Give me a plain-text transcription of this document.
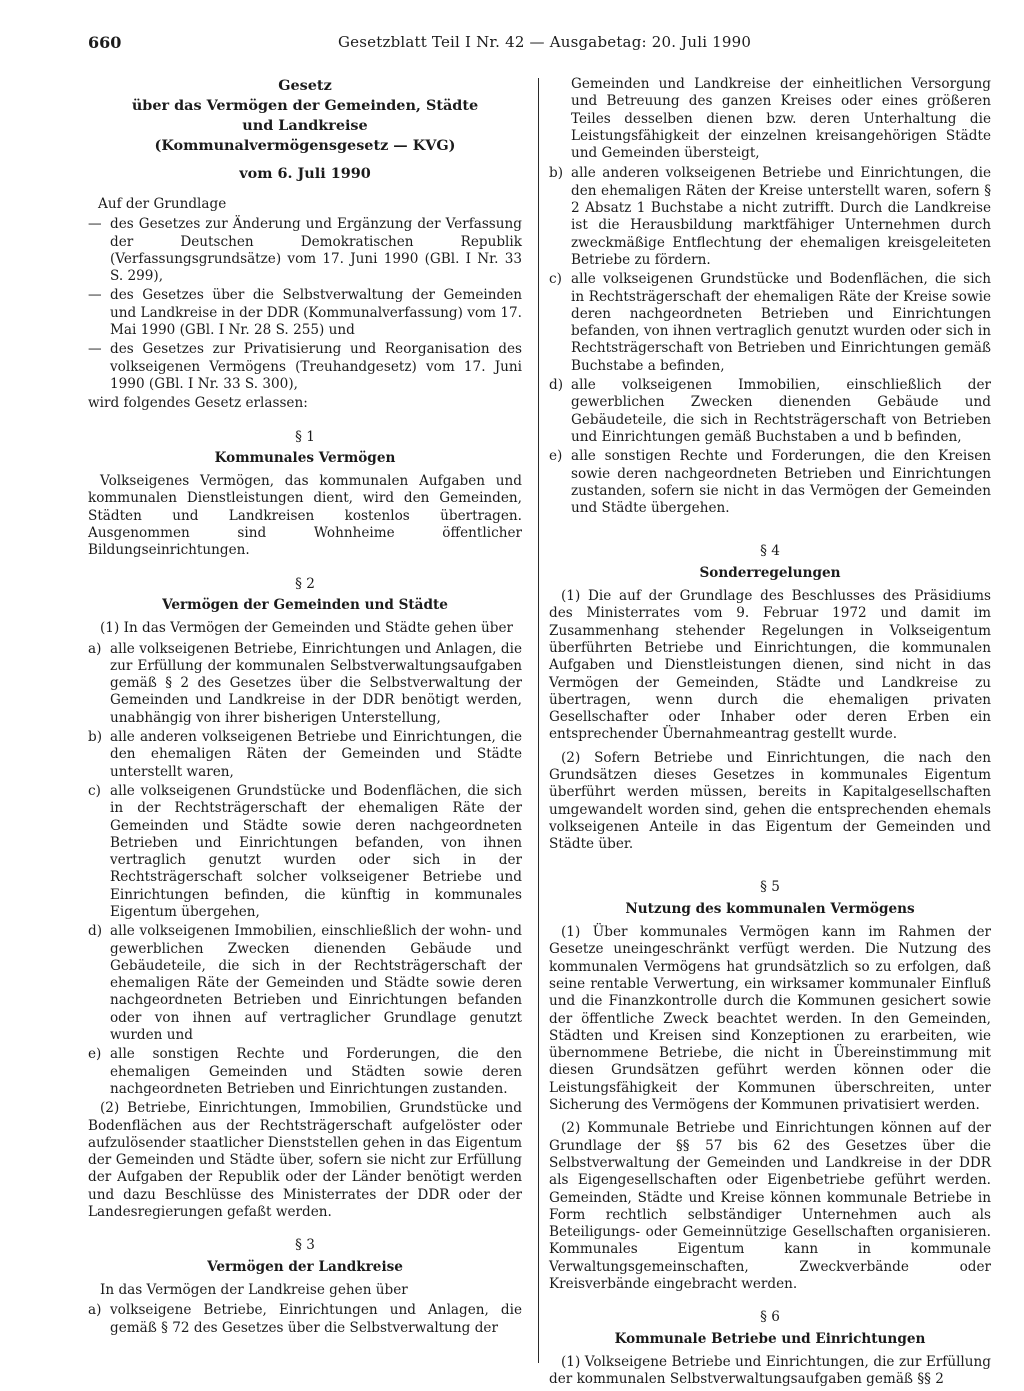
660	Gesetzblatt Teil I Nr. 42 — Ausgabetag: 20. Juli 1990
Gesetz
über das Vermögen der Gemeinden, Städte
und Landkreise
(Kommunalvermögensgesetz — KVG)
vom 6. Juli 1990

Auf der Grundlage

— des Gesetzes zur Änderung und Ergänzung der Verfassung der Deutschen Demokratischen Republik (Verfassungsgrundsätze) vom 17. Juni 1990 (GBl. I Nr. 33 S. 299),
— des Gesetzes über die Selbstverwaltung der Gemeinden und Landkreise in der DDR (Kommunalverfassung) vom 17. Mai 1990 (GBl. I Nr. 28 S. 255) und
— des Gesetzes zur Privatisierung und Reorganisation des volkseigenen Vermögens (Treuhandgesetz) vom 17. Juni 1990 (GBl. I Nr. 33 S. 300),

wird folgendes Gesetz erlassen:

§ 1
Kommunales Vermögen

Volkseigenes Vermögen, das kommunalen Aufgaben und kommunalen Dienstleistungen dient, wird den Gemeinden, Städten und Landkreisen kostenlos übertragen. Ausgenommen sind Wohnheime öffentlicher Bildungseinrichtungen.

§ 2
Vermögen der Gemeinden und Städte

(1) In das Vermögen der Gemeinden und Städte gehen über

a) alle volkseigenen Betriebe, Einrichtungen und Anlagen, die zur Erfüllung der kommunalen Selbstverwaltungsaufgaben gemäß § 2 des Gesetzes über die Selbstverwaltung der Gemeinden und Landkreise in der DDR benötigt werden, unabhängig von ihrer bisherigen Unterstellung,
b) alle anderen volkseigenen Betriebe und Einrichtungen, die den ehemaligen Räten der Gemeinden und Städte unterstellt waren,
c) alle volkseigenen Grundstücke und Bodenflächen, die sich in der Rechtsträgerschaft der ehemaligen Räte der Gemeinden und Städte sowie deren nachgeordneten Betrieben und Einrichtungen befanden, von ihnen vertraglich genutzt wurden oder sich in der Rechtsträgerschaft solcher volkseigener Betriebe und Einrichtungen befinden, die künftig in kommunales Eigentum übergehen,
d) alle volkseigenen Immobilien, einschließlich der wohn- und gewerblichen Zwecken dienenden Gebäude und Gebäudeteile, die sich in der Rechtsträgerschaft der ehemaligen Räte der Gemeinden und Städte sowie deren nachgeordneten Betrieben und Einrichtungen befanden oder von ihnen auf vertraglicher Grundlage genutzt wurden und
e) alle sonstigen Rechte und Forderungen, die den ehemaligen Gemeinden und Städten sowie deren nachgeordneten Betrieben und Einrichtungen zustanden.

(2) Betriebe, Einrichtungen, Immobilien, Grundstücke und Bodenflächen aus der Rechtsträgerschaft aufgelöster oder aufzulösender staatlicher Dienststellen gehen in das Eigentum der Gemeinden und Städte über, sofern sie nicht zur Erfüllung der Aufgaben der Republik oder der Länder benötigt werden und dazu Beschlüsse des Ministerrates der DDR oder der Landesregierungen gefaßt werden.

§ 3
Vermögen der Landkreise

In das Vermögen der Landkreise gehen über

a) volkseigene Betriebe, Einrichtungen und Anlagen, die gemäß § 72 des Gesetzes über die Selbstverwaltung der

Gemeinden und Landkreise der einheitlichen Versorgung und Betreuung des ganzen Kreises oder eines größeren Teiles desselben dienen bzw. deren Unterhaltung die Leistungsfähigkeit der einzelnen kreisangehörigen Städte und Gemeinden übersteigt,

b) alle anderen volkseigenen Betriebe und Einrichtungen, die den ehemaligen Räten der Kreise unterstellt waren, sofern § 2 Absatz 1 Buchstabe a nicht zutrifft. Durch die Landkreise ist die Herausbildung marktfähiger Unternehmen durch zweckmäßige Entflechtung der ehemaligen kreisgeleiteten Betriebe zu fördern.
c) alle volkseigenen Grundstücke und Bodenflächen, die sich in Rechtsträgerschaft der ehemaligen Räte der Kreise sowie deren nachgeordneten Betrieben und Einrichtungen befanden, von ihnen vertraglich genutzt wurden oder sich in Rechtsträgerschaft von Betrieben und Einrichtungen gemäß Buchstabe a befinden,
d) alle volkseigenen Immobilien, einschließlich der gewerblichen Zwecken dienenden Gebäude und Gebäudeteile, die sich in Rechtsträgerschaft von Betrieben und Einrichtungen gemäß Buchstaben a und b befinden,
e) alle sonstigen Rechte und Forderungen, die den Kreisen sowie deren nachgeordneten Betrieben und Einrichtungen zustanden, sofern sie nicht in das Vermögen der Gemeinden und Städte übergehen.
§ 4
Sonderregelungen

(1) Die auf der Grundlage des Beschlusses des Präsidiums des Ministerrates vom 9. Februar 1972 und damit im Zusammenhang stehender Regelungen in Volkseigentum überführten Betriebe und Einrichtungen, die kommunalen Aufgaben und Dienstleistungen dienen, sind nicht in das Vermögen der Gemeinden, Städte und Landkreise zu übertragen, wenn durch die ehemaligen privaten Gesellschafter oder Inhaber oder deren Erben ein entsprechender Übernahmeantrag gestellt wurde.

(2) Sofern Betriebe und Einrichtungen, die nach den Grundsätzen dieses Gesetzes in kommunales Eigentum überführt werden müssen, bereits in Kapitalgesellschaften umgewandelt worden sind, gehen die entsprechenden ehemals volkseigenen Anteile in das Eigentum der Gemeinden und Städte über.

§ 5
Nutzung des kommunalen Vermögens

(1) Über kommunales Vermögen kann im Rahmen der Gesetze uneingeschränkt verfügt werden. Die Nutzung des kommunalen Vermögens hat grundsätzlich so zu erfolgen, daß seine rentable Verwertung, ein wirksamer kommunaler Einfluß und die Finanzkontrolle durch die Kommunen gesichert sowie der öffentliche Zweck beachtet werden. In den Gemeinden, Städten und Kreisen sind Konzeptionen zu erarbeiten, wie übernommene Betriebe, die nicht in Übereinstimmung mit diesen Grundsätzen geführt werden können oder die Leistungsfähigkeit der Kommunen überschreiten, unter Sicherung des Vermögens der Kommunen privatisiert werden.

(2) Kommunale Betriebe und Einrichtungen können auf der Grundlage der §§ 57 bis 62 des Gesetzes über die Selbstverwaltung der Gemeinden und Landkreise in der DDR als Eigengesellschaften oder Eigenbetriebe geführt werden. Gemeinden, Städte und Kreise können kommunale Betriebe in Form rechtlich selbständiger Unternehmen auch als Beteiligungs- oder Gemeinnützige Gesellschaften organisieren. Kommunales Eigentum kann in kommunale Verwaltungsgemeinschaften, Zweckverbände oder Kreisverbände eingebracht werden.

§ 6
Kommunale Betriebe und Einrichtungen

(1) Volkseigene Betriebe und Einrichtungen, die zur Erfüllung der kommunalen Selbstverwaltungsaufgaben gemäß §§ 2
